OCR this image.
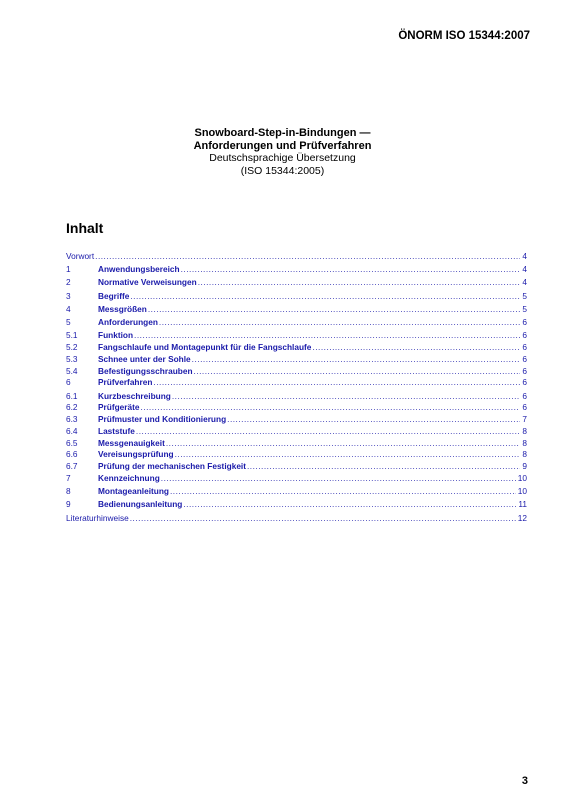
ÖNORM ISO 15344:2007
Snowboard-Step-in-Bindungen —
Anforderungen und Prüfverfahren
Deutschsprachige Übersetzung
(ISO 15344:2005)
Inhalt
Vorwort .....	4
1	Anwendungsbereich .....	4
2	Normative Verweisungen .....	4
3	Begriffe .....	5
4	Messgrößen .....	5
5	Anforderungen .....	6
5.1	Funktion .....	6
5.2	Fangschlaufe und Montagepunkt für die Fangschlaufe .....	6
5.3	Schnee unter der Sohle .....	6
5.4	Befestigungsschrauben .....	6
6	Prüfverfahren .....	6
6.1	Kurzbeschreibung .....	6
6.2	Prüfgeräte .....	6
6.3	Prüfmuster und Konditionierung .....	7
6.4	Laststufe .....	8
6.5	Messgenauigkeit .....	8
6.6	Vereisungsprüfung .....	8
6.7	Prüfung der mechanischen Festigkeit .....	9
7	Kennzeichnung .....	10
8	Montageanleitung .....	10
9	Bedienungsanleitung .....	11
Literaturhinweise .....	12
3
